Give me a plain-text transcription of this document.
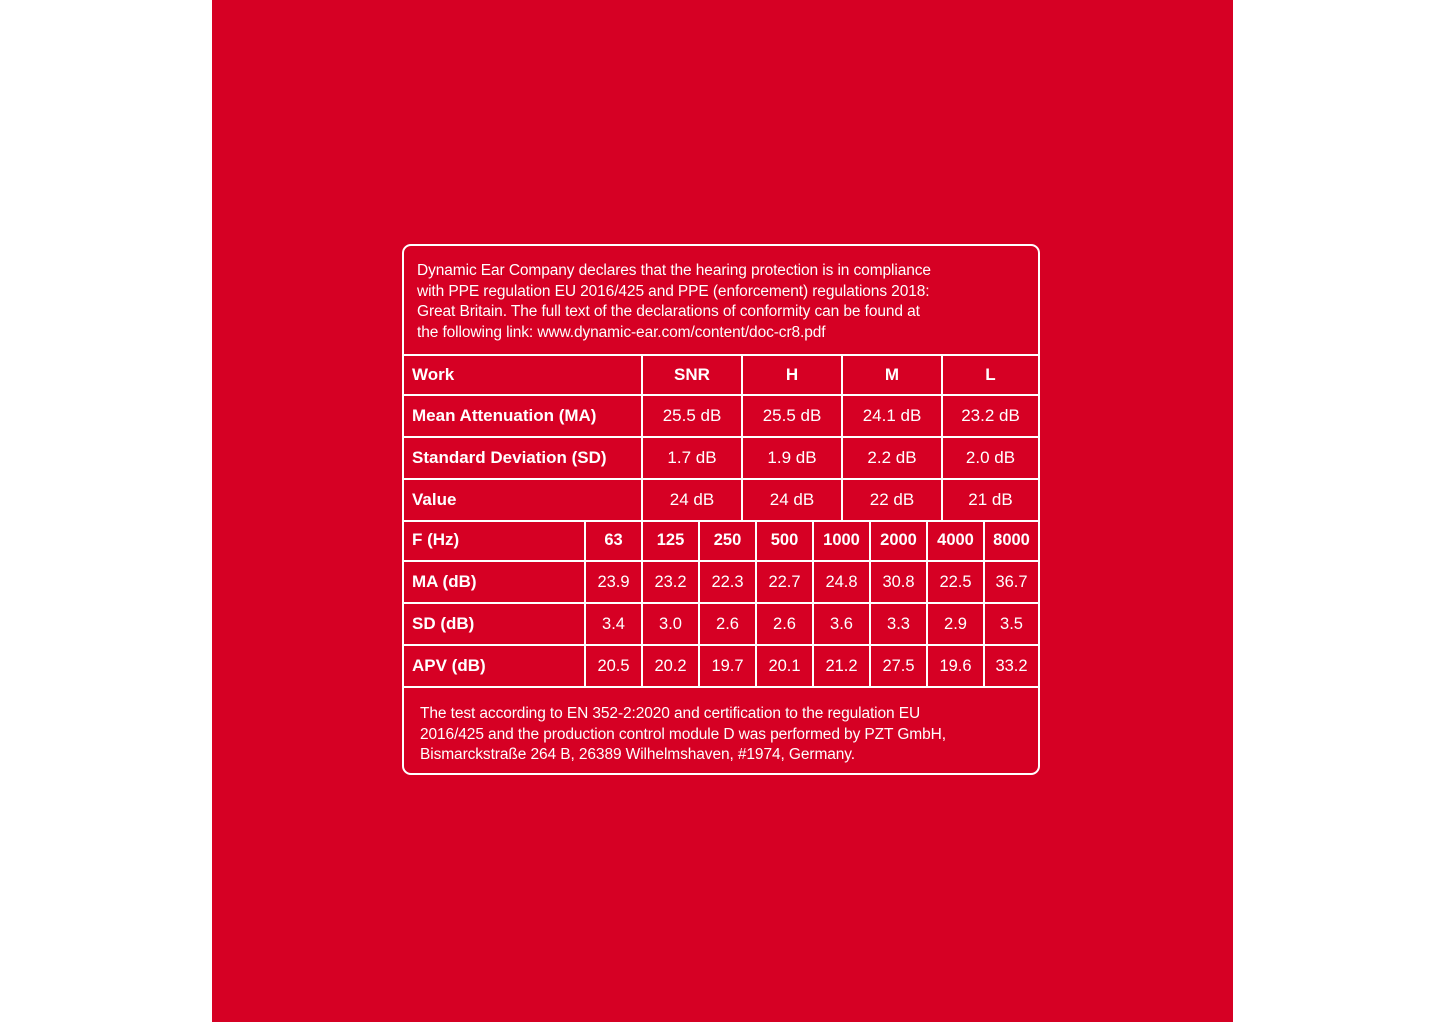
Dynamic Ear Company declares that the hearing protection is in compliance
with PPE regulation EU 2016/425 and PPE (enforcement) regulations 2018:
Great Britain. The full text of the declarations of conformity can be found at
the following link: www.dynamic-ear.com/content/doc-cr8.pdf
Work	SNR	H	M	L
Mean Attenuation (MA)	25.5 dB	25.5 dB	24.1 dB	23.2 dB
Standard Deviation (SD)	1.7 dB	1.9 dB	2.2 dB	2.0 dB
Value	24 dB	24 dB	22 dB	21 dB
F (Hz)	63	125	250	500	1000	2000	4000	8000
MA (dB)	23.9	23.2	22.3	22.7	24.8	30.8	22.5	36.7
SD (dB)	3.4	3.0	2.6	2.6	3.6	3.3	2.9	3.5
APV (dB)	20.5	20.2	19.7	20.1	21.2	27.5	19.6	33.2
The test according to EN 352-2:2020 and certification to the regulation EU
2016/425 and the production control module D was performed by PZT GmbH,
Bismarckstraße 264 B, 26389 Wilhelmshaven, #1974, Germany.
